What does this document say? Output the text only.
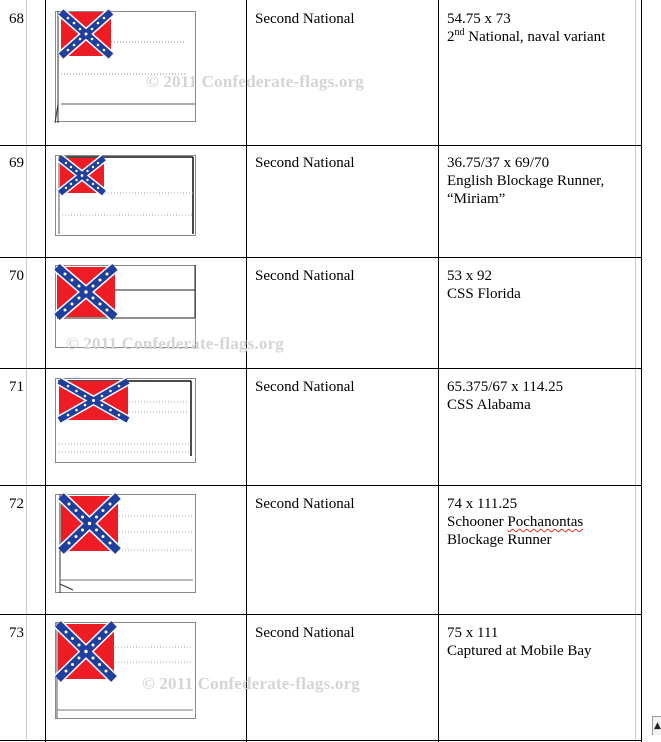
68	Second National	54.75 x 73
2nd National, naval variant
69	Second National	36.75/37 x 69/70
English Blockage Runner,
“Miriam”
70	Second National	53 x 92
CSS Florida
71	Second National	65.375/67 x 114.25
CSS Alabama
72	Second National	74 x 111.25
Schooner Pochanontas
Blockage Runner
73	Second National	75 x 111
Captured at Mobile Bay
© 2011 Confederate-flags.org
© 2011 Confederate-flags.org
© 2011 Confederate-flags.org
▲
